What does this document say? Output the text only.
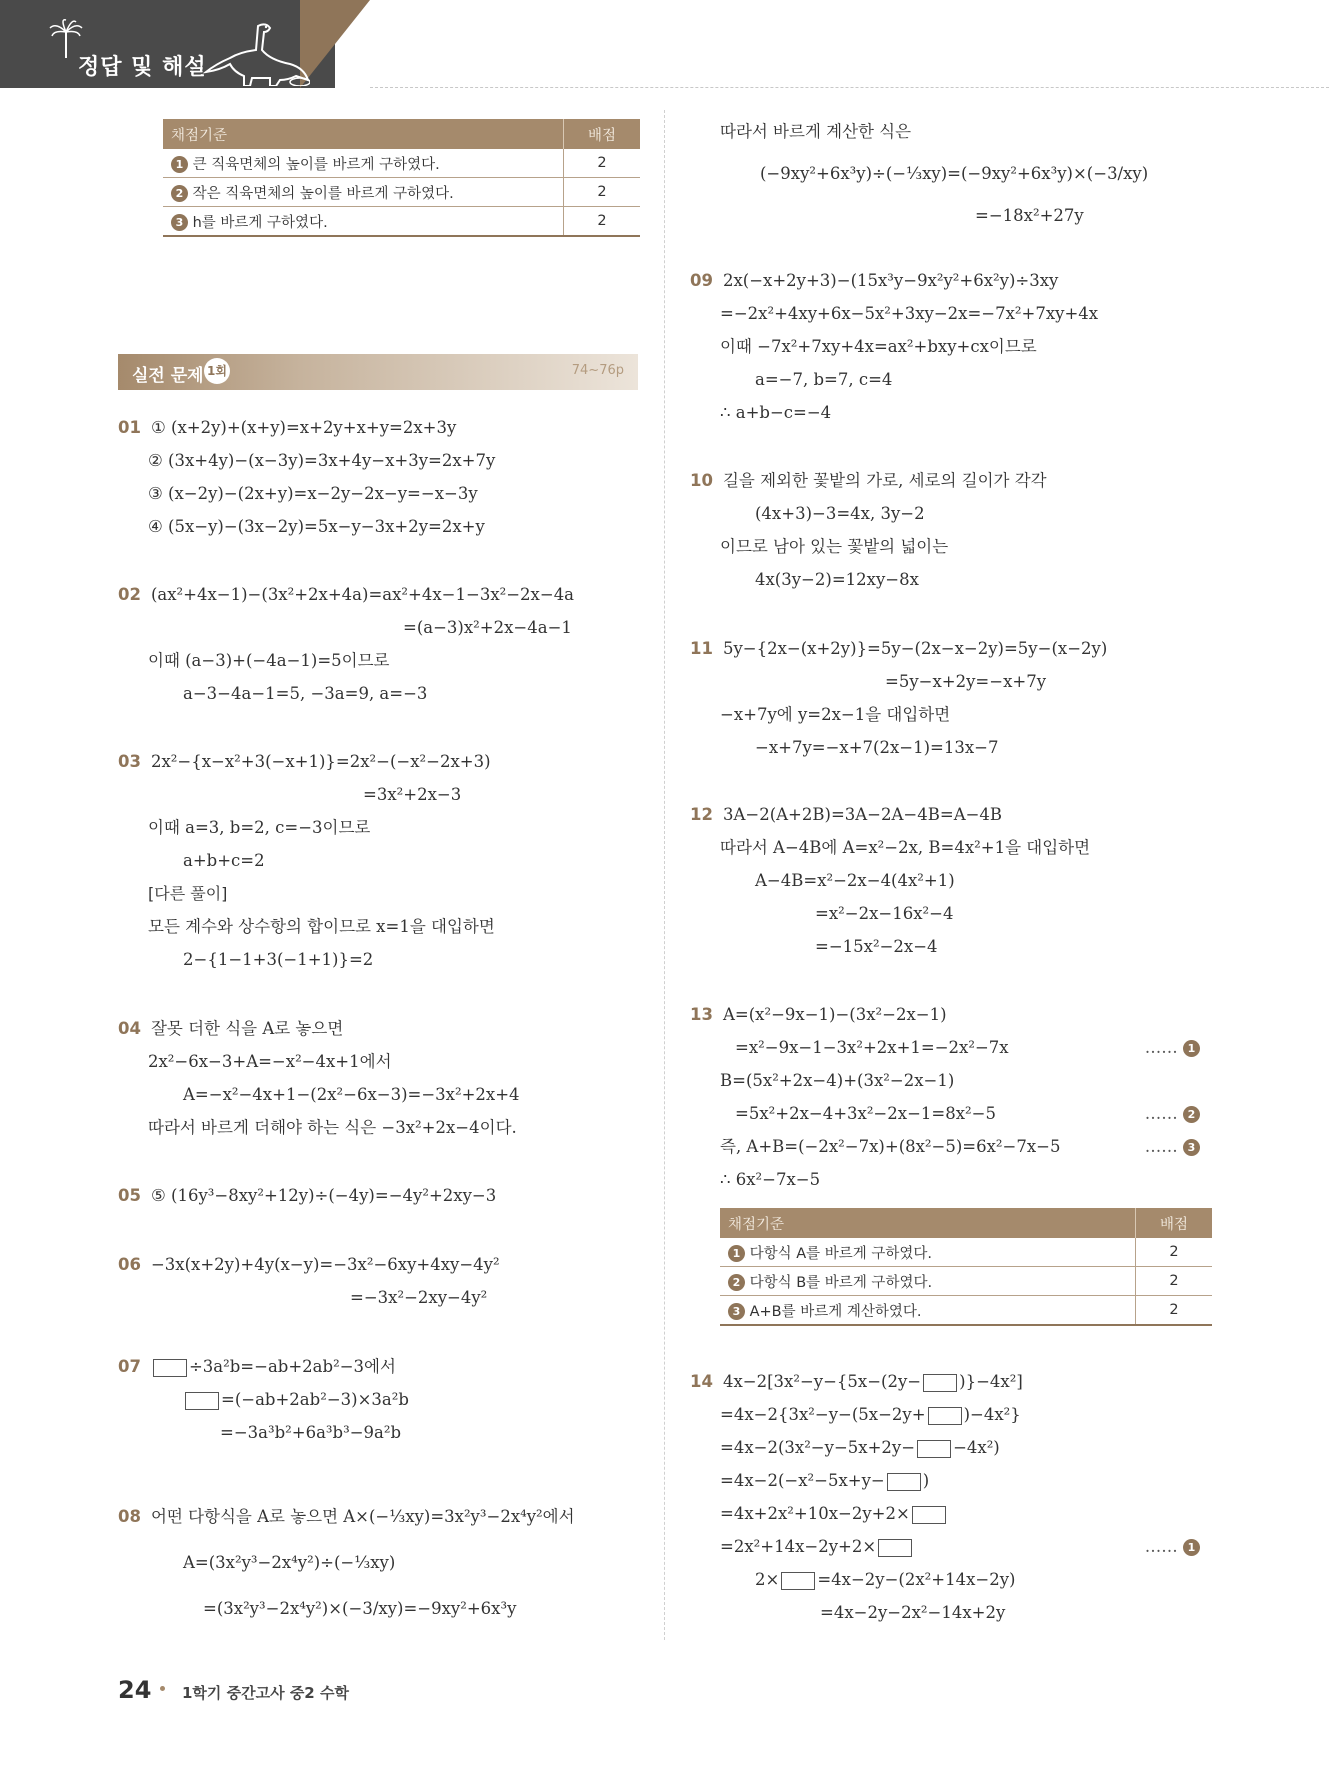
정답 및 해설
채점기준	배점
1 큰 직육면체의 높이를 바르게 구하였다.	2
2 작은 직육면체의 높이를 바르게 구하였다.	2
3 h를 바르게 구하였다.	2
실전 문제 1회	74~76p
01 ① (x+2y)+(x+y)=x+2y+x+y=2x+3y
② (3x+4y)−(x−3y)=3x+4y−x+3y=2x+7y
③ (x−2y)−(2x+y)=x−2y−2x−y=−x−3y
④ (5x−y)−(3x−2y)=5x−y−3x+2y=2x+y
02 (ax²+4x−1)−(3x²+2x+4a)=ax²+4x−1−3x²−2x−4a
=(a−3)x²+2x−4a−1
이때 (a−3)+(−4a−1)=5이므로
a−3−4a−1=5, −3a=9, a=−3
03 2x²−{x−x²+3(−x+1)}=2x²−(−x²−2x+3)
=3x²+2x−3
이때 a=3, b=2, c=−3이므로
a+b+c=2
[다른 풀이]
모든 계수와 상수항의 합이므로 x=1을 대입하면
2−{1−1+3(−1+1)}=2
04 잘못 더한 식을 A로 놓으면
2x²−6x−3+A=−x²−4x+1에서
A=−x²−4x+1−(2x²−6x−3)=−3x²+2x+4
따라서 바르게 더해야 하는 식은 −3x²+2x−4이다.
05 ⑤ (16y³−8xy²+12y)÷(−4y)=−4y²+2xy−3
06 −3x(x+2y)+4y(x−y)=−3x²−6xy+4xy−4y²
=−3x²−2xy−4y²
07	÷3a²b=−ab+2ab²−3에서
=(−ab+2ab²−3)×3a²b
=−3a³b²+6a³b³−9a²b
08 어떤 다항식을 A로 놓으면 A×(−⅓xy)=3x²y³−2x⁴y²에서
A=(3x²y³−2x⁴y²)÷(−⅓xy)
=(3x²y³−2x⁴y²)×(−3/xy)=−9xy²+6x³y
따라서 바르게 계산한 식은
(−9xy²+6x³y)÷(−⅓xy)=(−9xy²+6x³y)×(−3/xy)
=−18x²+27y
09 2x(−x+2y+3)−(15x³y−9x²y²+6x²y)÷3xy
=−2x²+4xy+6x−5x²+3xy−2x=−7x²+7xy+4x
이때 −7x²+7xy+4x=ax²+bxy+cx이므로
a=−7, b=7, c=4
∴ a+b−c=−4
10 길을 제외한 꽃밭의 가로, 세로의 길이가 각각
(4x+3)−3=4x, 3y−2
이므로 남아 있는 꽃밭의 넓이는
4x(3y−2)=12xy−8x
11 5y−{2x−(x+2y)}=5y−(2x−x−2y)=5y−(x−2y)
=5y−x+2y=−x+7y
−x+7y에 y=2x−1을 대입하면
−x+7y=−x+7(2x−1)=13x−7
12 3A−2(A+2B)=3A−2A−4B=A−4B
따라서 A−4B에 A=x²−2x, B=4x²+1을 대입하면
A−4B=x²−2x−4(4x²+1)
=x²−2x−16x²−4
=−15x²−2x−4
13 A=(x²−9x−1)−(3x²−2x−1)
=x²−9x−1−3x²+2x+1=−2x²−7x	…… 1
B=(5x²+2x−4)+(3x²−2x−1)
=5x²+2x−4+3x²−2x−1=8x²−5	…… 2
즉, A+B=(−2x²−7x)+(8x²−5)=6x²−7x−5	…… 3
∴ 6x²−7x−5
채점기준	배점
1 다항식 A를 바르게 구하였다.	2
2 다항식 B를 바르게 구하였다.	2
3 A+B를 바르게 계산하였다.	2
14 4x−2[3x²−y−{5x−(2y− )}−4x²]
=4x−2{3x²−y−(5x−2y+ )−4x²}
=4x−2(3x²−y−5x+2y− −4x²)
=4x−2(−x²−5x+y− )
=4x+2x²+10x−2y+2×
=2x²+14x−2y+2×	…… 1
2× =4x−2y−(2x²+14x−2y)
=4x−2y−2x²−14x+2y
24 1학기 중간고사 중2 수학
